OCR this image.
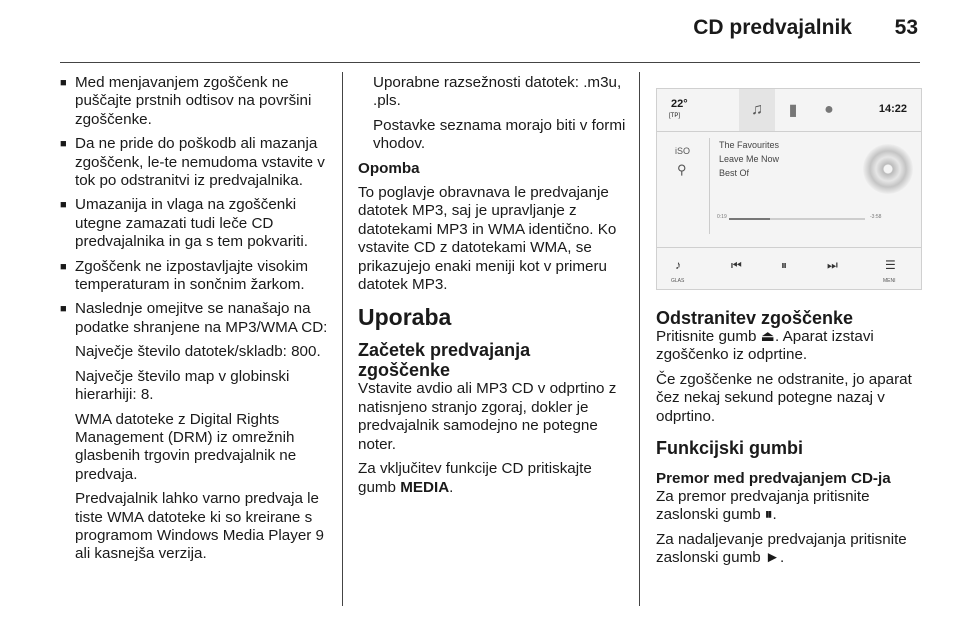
CD predvajalnik 53
■ Med menjavanjem zgoščenk ne puščajte prstnih odtisov na površini zgoščenke.
■ Da ne pride do poškodb ali mazanja zgoščenk, le-te nemudoma vstavite v tok po odstranitvi iz predvajalnika.
■ Umazanija in vlaga na zgoščenki utegne zamazati tudi leče CD predvajalnika in ga s tem pokvariti.
■ Zgoščenk ne izpostavljajte visokim temperaturam in sončnim žarkom.
■ Naslednje omejitve se nanašajo na podatke shranjene na MP3/WMA CD:

Največje število datotek/skladb: 800.

Največje število map v globinski hierarhiji: 8.

WMA datoteke z Digital Rights Management (DRM) iz omrežnih glasbenih trgovin predvajalnik ne predvaja.

Predvajalnik lahko varno predvaja le tiste WMA datoteke ki so kreirane s programom Windows Media Player 9 ali kasnejša verzija.

Uporabne razsežnosti datotek: .m3u, .pls.

Postavke seznama morajo biti v formi vhodov.

Opomba

To poglavje obravnava le predvajanje datotek MP3, saj je upravljanje z datotekami MP3 in WMA identično. Ko vstavite CD z datotekami WMA, se prikazujejo enaki meniji kot v primeru datotek MP3.

Uporaba
Začetek predvajanja zgoščenke

Vstavite avdio ali MP3 CD v odprtino z natisnjeno stranjo zgoraj, dokler je predvajalnik samodejno ne potegne noter.

Za vključitev funkcije CD pritiskajte gumb MEDIA.

22°
[TP]	♫	▮	●	14:22
iSO
⚲
The Favourites
Leave Me Now
Best Of
0:19	-3:58
♪
GLAS
⏮	⏸	⏭	☰
MENI
Odstranitev zgoščenke

Pritisnite gumb ⏏. Aparat izstavi zgoščenko iz odprtine.

Če zgoščenke ne odstranite, jo aparat čez nekaj sekund potegne nazaj v odprtino.

Funkcijski gumbi
Premor med predvajanjem CD-ja

Za premor predvajanja pritisnite zaslonski gumb ⏸.

Za nadaljevanje predvajanja pritisnite zaslonski gumb ►.
